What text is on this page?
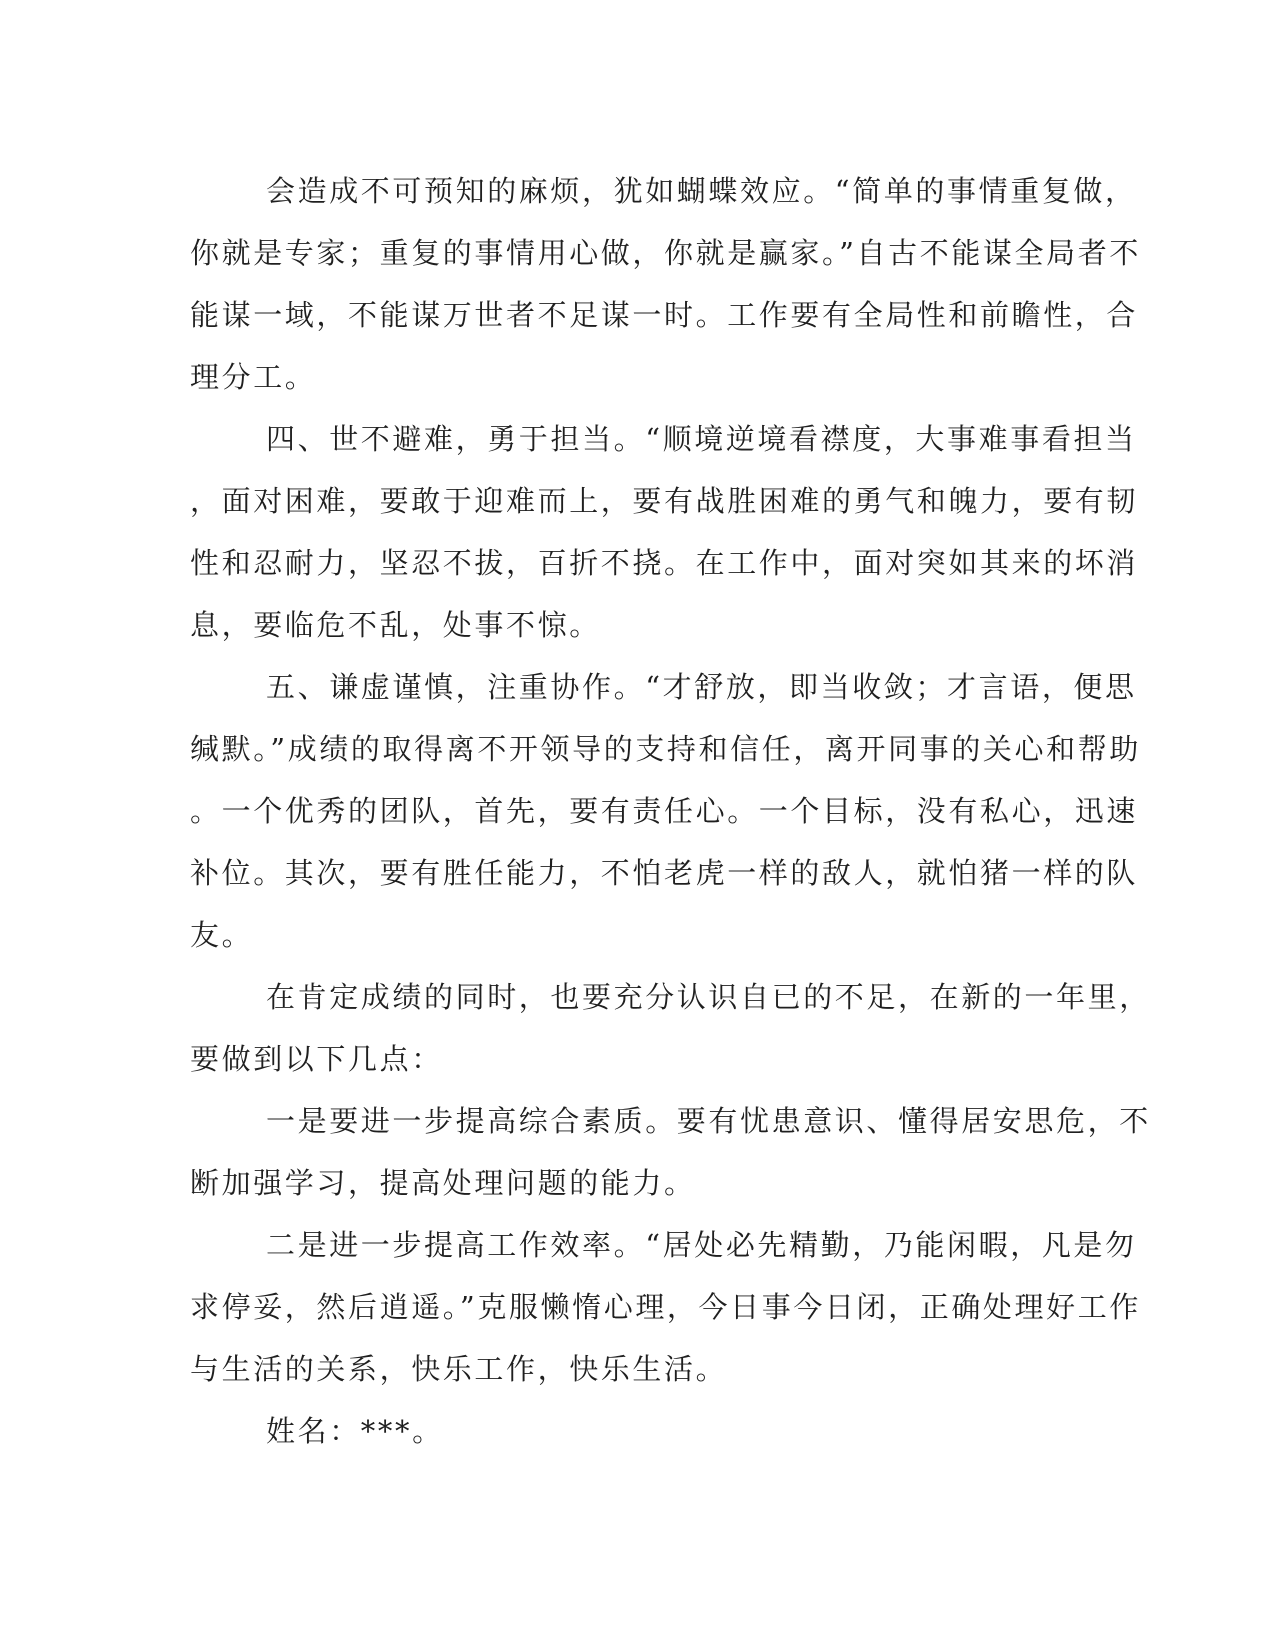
会造成不可预知的麻烦，犹如蝴蝶效应。“简单的事情重复做，
你就是专家；重复的事情用心做，你就是赢家。”自古不能谋全局者不
能谋一域，不能谋万世者不足谋一时。工作要有全局性和前瞻性，合
理分工。

四、世不避难，勇于担当。“顺境逆境看襟度，大事难事看担当
，面对困难，要敢于迎难而上，要有战胜困难的勇气和魄力，要有韧
性和忍耐力，坚忍不拔，百折不挠。在工作中，面对突如其来的坏消
息，要临危不乱，处事不惊。

五、谦虚谨慎，注重协作。“才舒放，即当收敛；才言语，便思
缄默。”成绩的取得离不开领导的支持和信任，离开同事的关心和帮助
。一个优秀的团队，首先，要有责任心。一个目标，没有私心，迅速
补位。其次，要有胜任能力，不怕老虎一样的敌人，就怕猪一样的队
友。

在肯定成绩的同时，也要充分认识自已的不足，在新的一年里，
要做到以下几点：

一是要进一步提高综合素质。要有忧患意识、懂得居安思危，不
断加强学习，提高处理问题的能力。

二是进一步提高工作效率。“居处必先精勤，乃能闲暇，凡是勿
求停妥，然后逍遥。”克服懒惰心理，今日事今日闭，正确处理好工作
与生活的关系，快乐工作，快乐生活。

姓名：***。
